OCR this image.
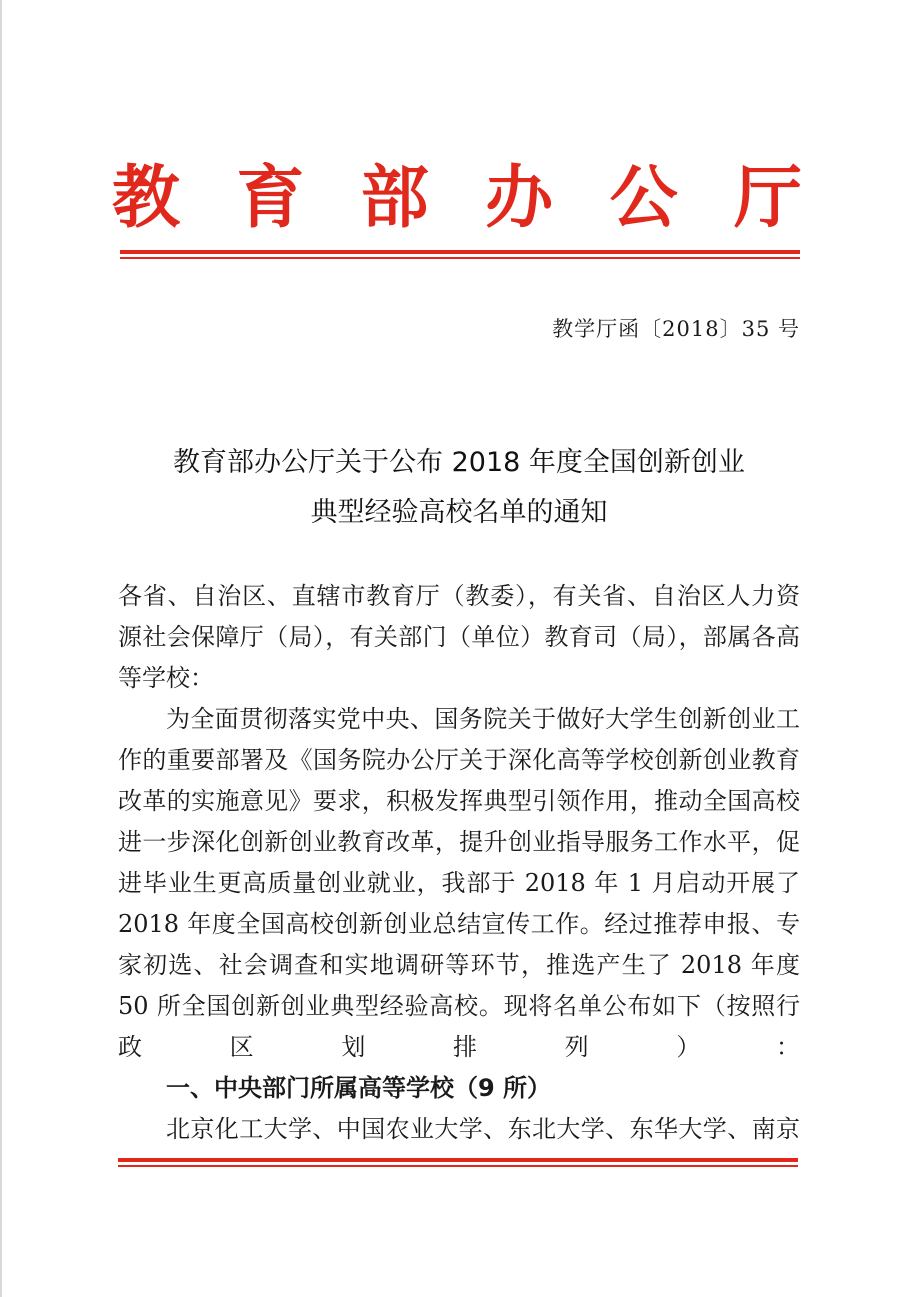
教 育 部 办 公 厅
教学厅函〔2018〕35 号
教育部办公厅关于公布 2018 年度全国创新创业
典型经验高校名单的通知

各省、自治区、直辖市教育厅（教委），有关省、自治区人力资源社会保障厅（局），有关部门（单位）教育司（局），部属各高等学校：

为全面贯彻落实党中央、国务院关于做好大学生创新创业工作的重要部署及《国务院办公厅关于深化高等学校创新创业教育改革的实施意见》要求，积极发挥典型引领作用，推动全国高校进一步深化创新创业教育改革，提升创业指导服务工作水平，促进毕业生更高质量创业就业，我部于 2018 年 1 月启动开展了 2018 年度全国高校创新创业总结宣传工作。经过推荐申报、专家初选、社会调查和实地调研等环节，推选产生了 2018 年度 50 所全国创新创业典型经验高校。现将名单公布如下（按照行政区划排列）：

一、中央部门所属高等学校（9 所）

北京化工大学、中国农业大学、东北大学、东华大学、南京
